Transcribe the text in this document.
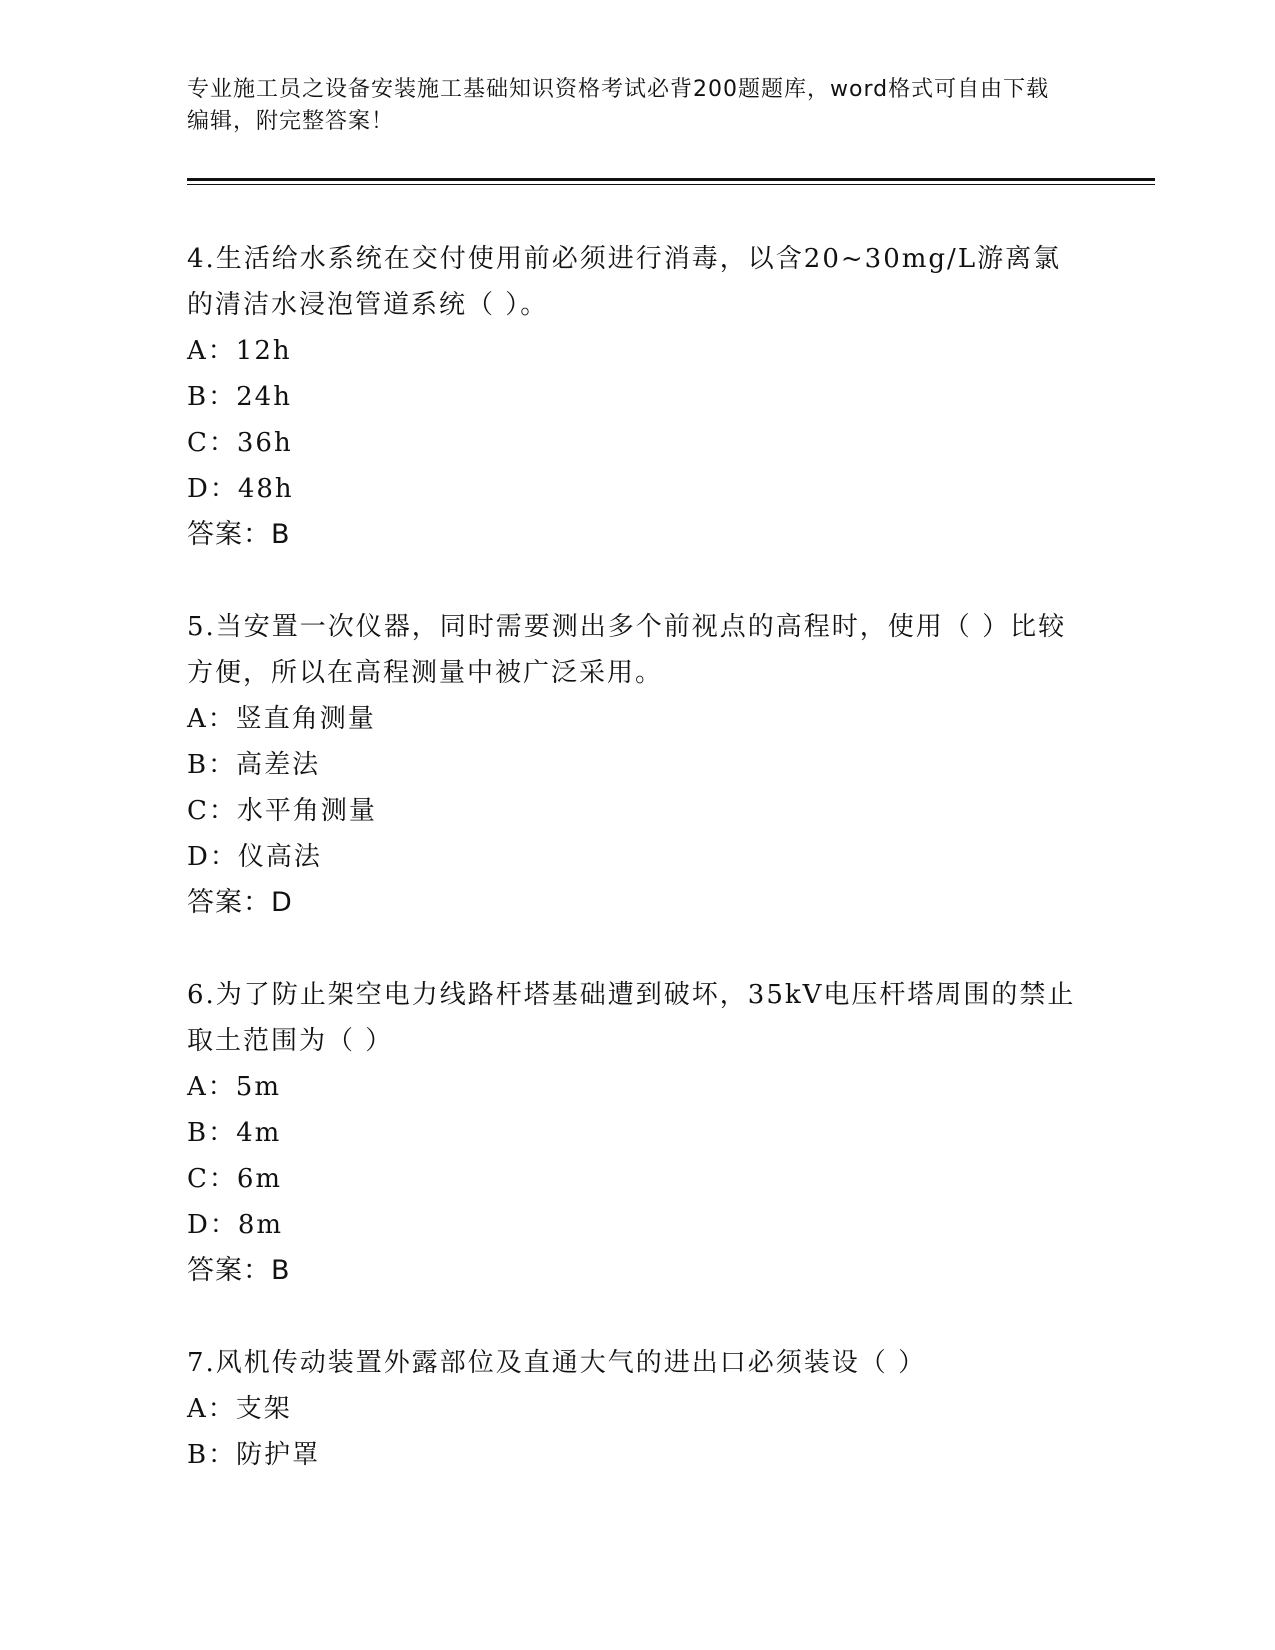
专业施工员之设备安装施工基础知识资格考试必背200题题库，word格式可自由下载编辑，附完整答案！
4.生活给水系统在交付使用前必须进行消毒，以含20~30mg/L游离氯的清洁水浸泡管道系统（ ）。
A：12h
B：24h
C：36h
D：48h
答案：B
5.当安置一次仪器，同时需要测出多个前视点的高程时，使用（ ）比较方便，所以在高程测量中被广泛采用。
A：竖直角测量
B：高差法
C：水平角测量
D：仪高法
答案：D
6.为了防止架空电力线路杆塔基础遭到破坏，35kV电压杆塔周围的禁止取土范围为（ ）
A：5m
B：4m
C：6m
D：8m
答案：B
7.风机传动装置外露部位及直通大气的进出口必须装设（ ）
A：支架
B：防护罩
